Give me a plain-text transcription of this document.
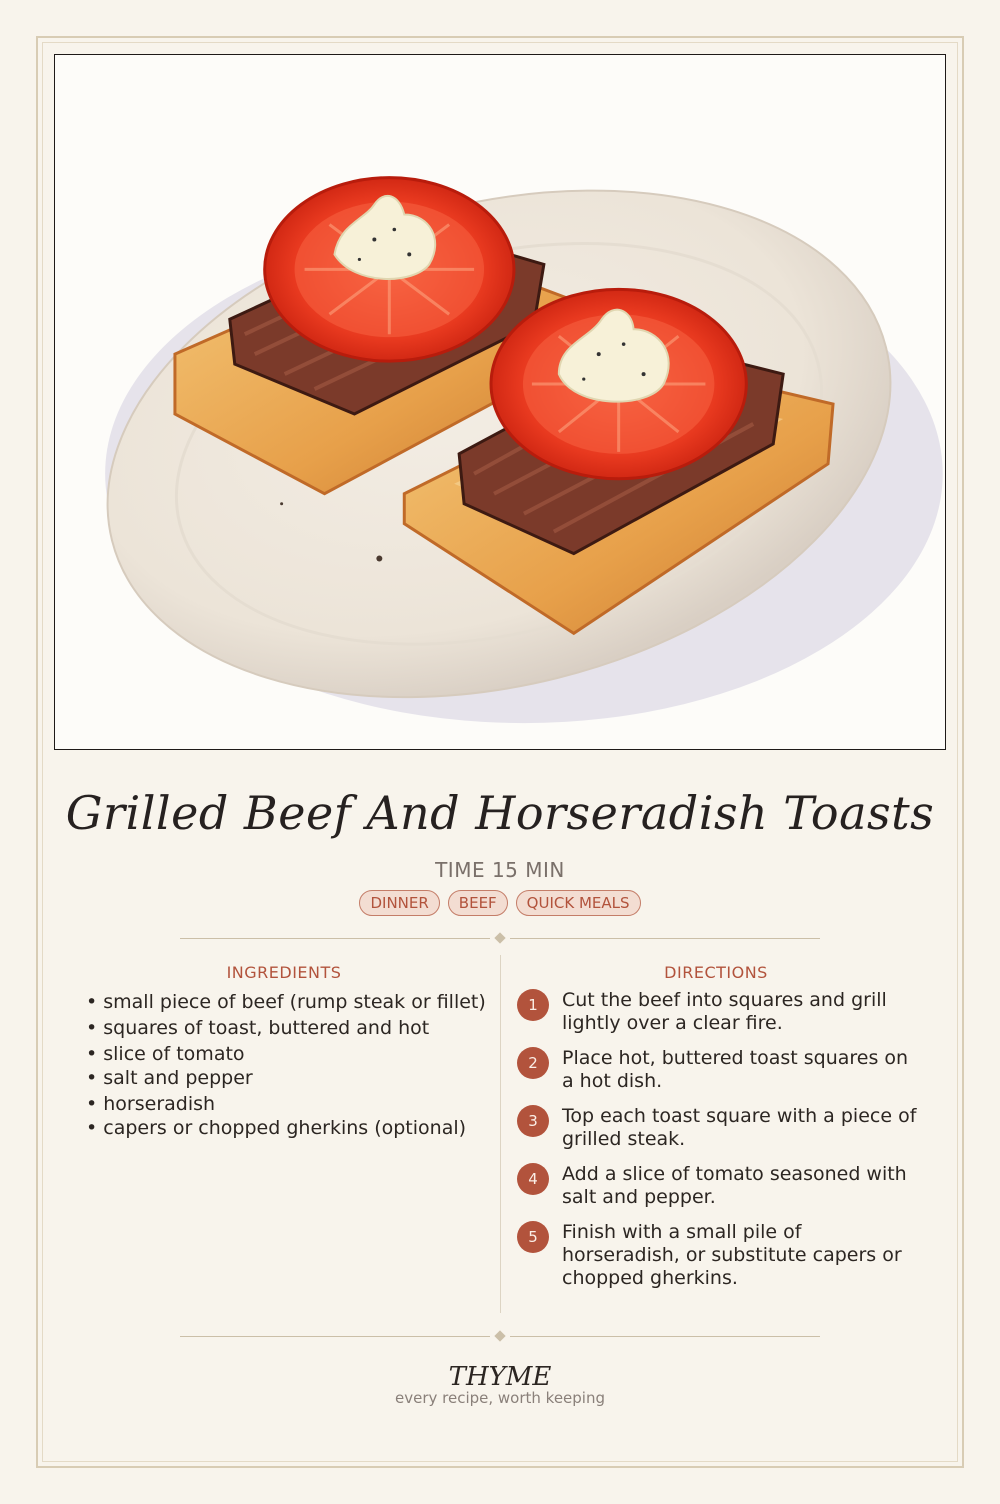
Grilled Beef And Horseradish Toasts
TIME 15 MIN
DINNER	BEEF	QUICK MEALS
INGREDIENTS	DIRECTIONS
• small piece of beef (rump steak or fillet)
• squares of toast, buttered and hot
• slice of tomato
• salt and pepper
• horseradish
• capers or chopped gherkins (optional)
1	Cut the beef into squares and grill lightly over a clear fire.
2	Place hot, buttered toast squares on a hot dish.
3	Top each toast square with a piece of grilled steak.
4	Add a slice of tomato seasoned with salt and pepper.
5	Finish with a small pile of horseradish, or substitute capers or chopped gherkins.
THYME
every recipe, worth keeping
